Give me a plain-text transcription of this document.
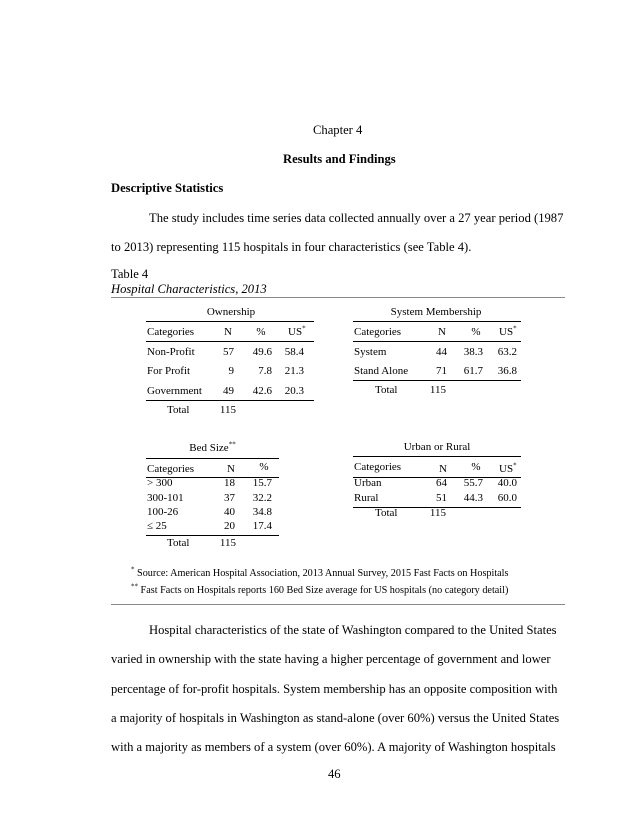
Chapter 4
Results and Findings
Descriptive Statistics
The study includes time series data collected annually over a 27 year period (1987
to 2013) representing 115 hospitals in four characteristics (see Table 4).
Table 4
Hospital Characteristics, 2013
Ownership
Categories	N	%	US*
Non-Profit	57	49.6	58.4
For Profit	9	7.8	21.3
Government	49	42.6	20.3
Total	115
System Membership
Categories	N	%	US*
System	44	38.3	63.2
Stand Alone	71	61.7	36.8
Total	115
Bed Size**
Categories	N	%
> 300	18	15.7
300-101	37	32.2
100-26	40	34.8
≤ 25	20	17.4
Total	115
Urban or Rural
Categories	N	%	US*
Urban	64	55.7	40.0
Rural	51	44.3	60.0
Total	115
* Source: American Hospital Association, 2013 Annual Survey, 2015 Fast Facts on Hospitals
** Fast Facts on Hospitals reports 160 Bed Size average for US hospitals (no category detail)
Hospital characteristics of the state of Washington compared to the United States
varied in ownership with the state having a higher percentage of government and lower
percentage of for-profit hospitals. System membership has an opposite composition with
a majority of hospitals in Washington as stand-alone (over 60%) versus the United States
with a majority as members of a system (over 60%). A majority of Washington hospitals
46
